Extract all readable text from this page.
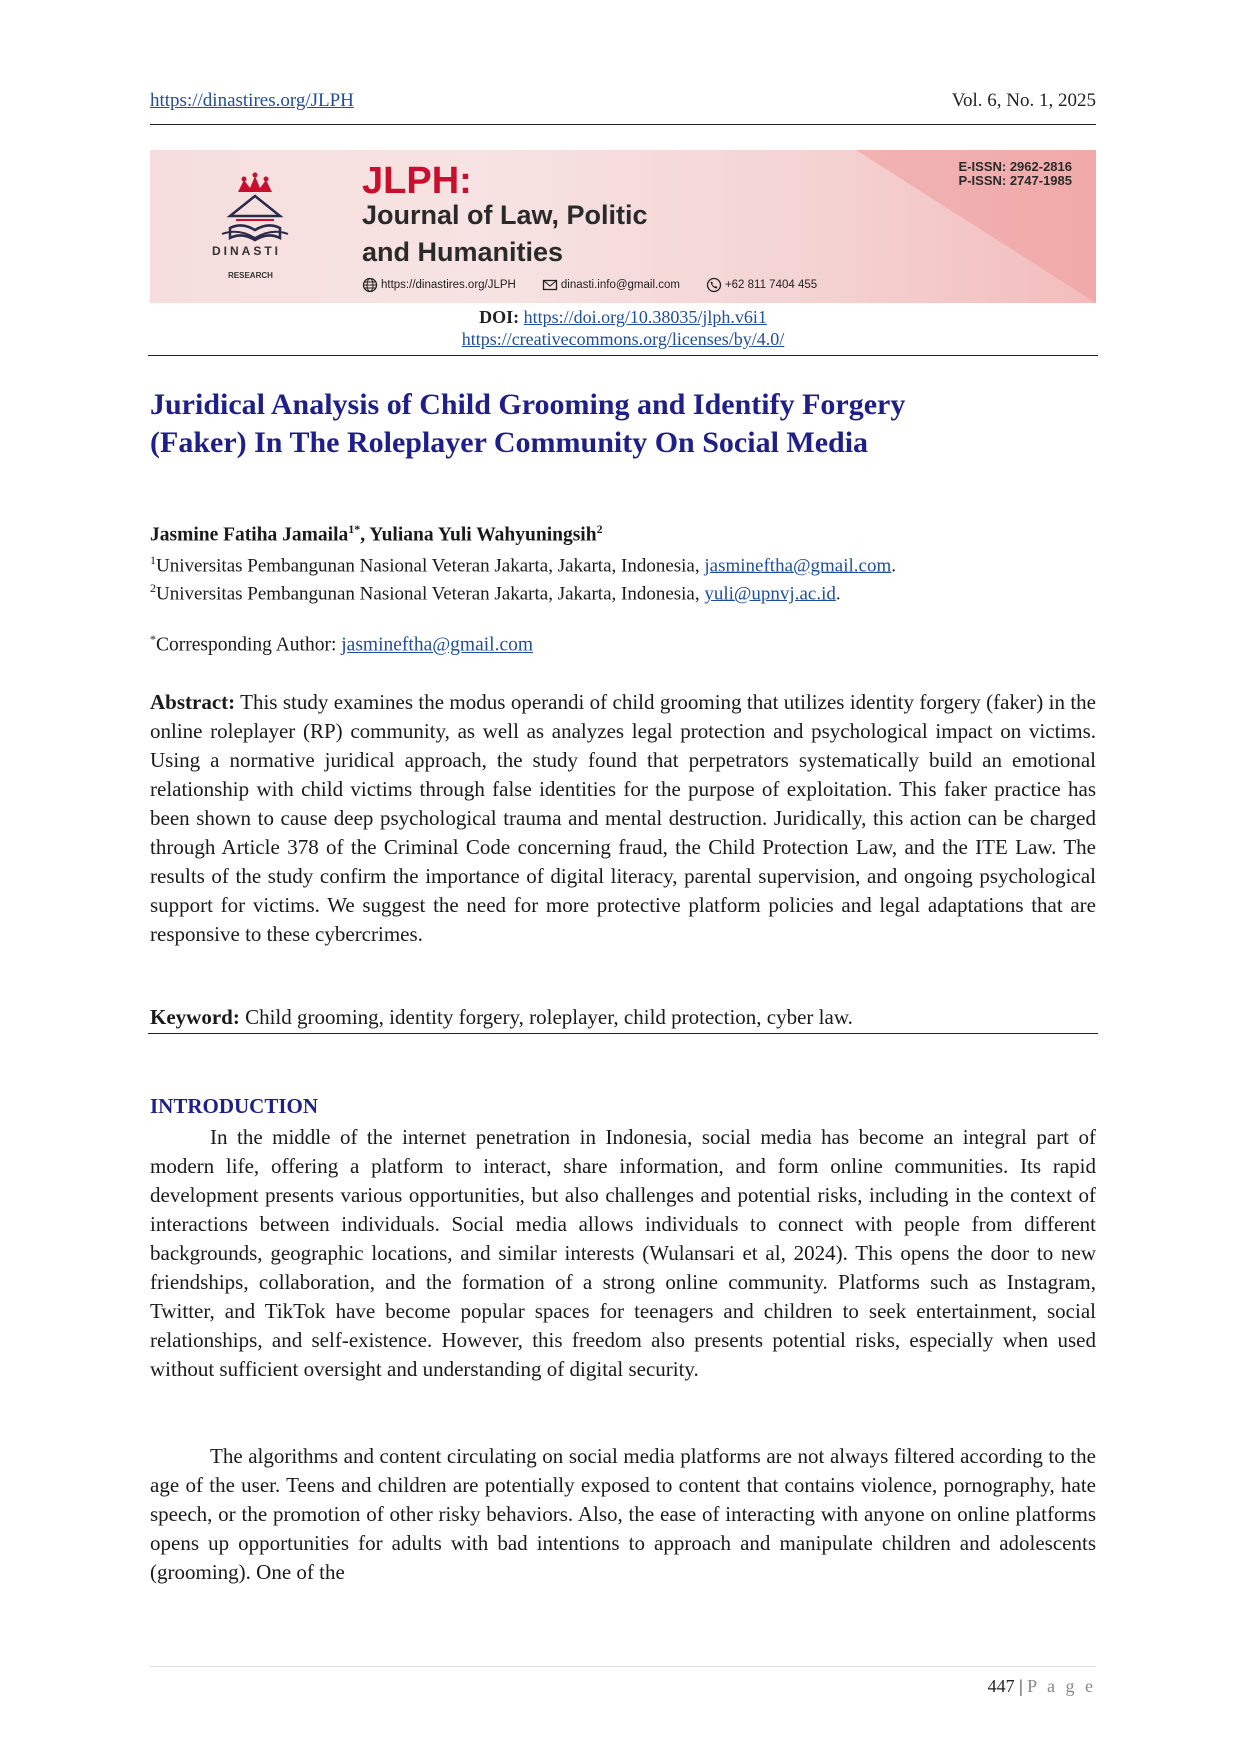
https://dinastires.org/JLPH	Vol. 6, No. 1, 2025
DINASTI
RESEARCH
JLPH:
Journal of Law, Politic
and Humanities
E-ISSN: 2962-2816
P-ISSN: 2747-1985
https://dinastires.org/JLPH	dinasti.info@gmail.com	+62 811 7404 455
DOI: https://doi.org/10.38035/jlph.v6i1
https://creativecommons.org/licenses/by/4.0/
Juridical Analysis of Child Grooming and Identify Forgery
(Faker) In The Roleplayer Community On Social Media
Jasmine Fatiha Jamaila$^{1*}$, Yuliana Yuli Wahyuningsih$^2$
$^1$Universitas Pembangunan Nasional Veteran Jakarta, Jakarta, Indonesia, jasmineftha@gmail.com.
$^2$Universitas Pembangunan Nasional Veteran Jakarta, Jakarta, Indonesia, yuli@upnvj.ac.id.
*Corresponding Author: jasmineftha@gmail.com
Abstract: This study examines the modus operandi of child grooming that utilizes identity forgery (faker) in the online roleplayer (RP) community, as well as analyzes legal protection and psychological impact on victims. Using a normative juridical approach, the study found that perpetrators systematically build an emotional relationship with child victims through false identities for the purpose of exploitation. This faker practice has been shown to cause deep psychological trauma and mental destruction. Juridically, this action can be charged through Article 378 of the Criminal Code concerning fraud, the Child Protection Law, and the ITE Law. The results of the study confirm the importance of digital literacy, parental supervision, and ongoing psychological support for victims. We suggest the need for more protective platform policies and legal adaptations that are responsive to these cybercrimes.
Keyword: Child grooming, identity forgery, roleplayer, child protection, cyber law.
INTRODUCTION
In the middle of the internet penetration in Indonesia, social media has become an integral part of modern life, offering a platform to interact, share information, and form online communities. Its rapid development presents various opportunities, but also challenges and potential risks, including in the context of interactions between individuals. Social media allows individuals to connect with people from different backgrounds, geographic locations, and similar interests (Wulansari et al, 2024). This opens the door to new friendships, collaboration, and the formation of a strong online community. Platforms such as Instagram, Twitter, and TikTok have become popular spaces for teenagers and children to seek entertainment, social relationships, and self-existence. However, this freedom also presents potential risks, especially when used without sufficient oversight and understanding of digital security.
The algorithms and content circulating on social media platforms are not always filtered according to the age of the user. Teens and children are potentially exposed to content that contains violence, pornography, hate speech, or the promotion of other risky behaviors. Also, the ease of interacting with anyone on online platforms opens up opportunities for adults with bad intentions to approach and manipulate children and adolescents (grooming). One of the
447 | P a g e
